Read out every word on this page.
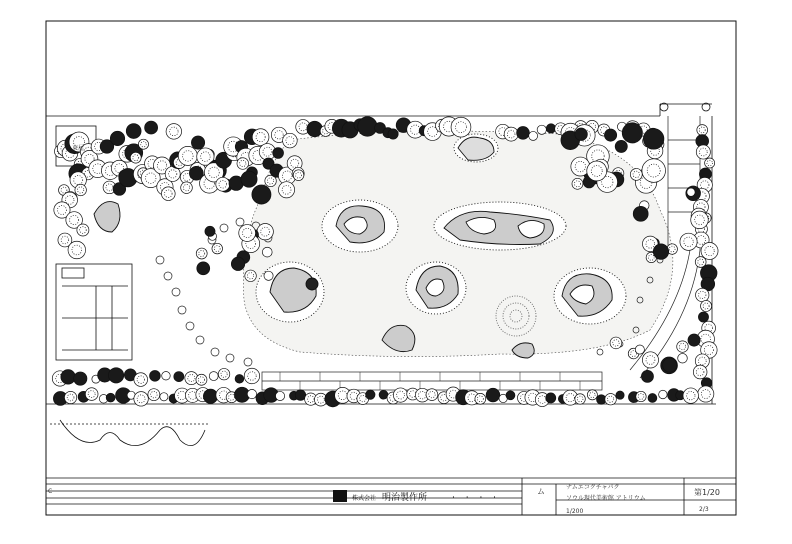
株式会社 明治製作所	· · · ·
ム	ナムエコクチャパク
ソウル現代美術館 アトリウム
1/200
第1/20
2/3
C
東屋
